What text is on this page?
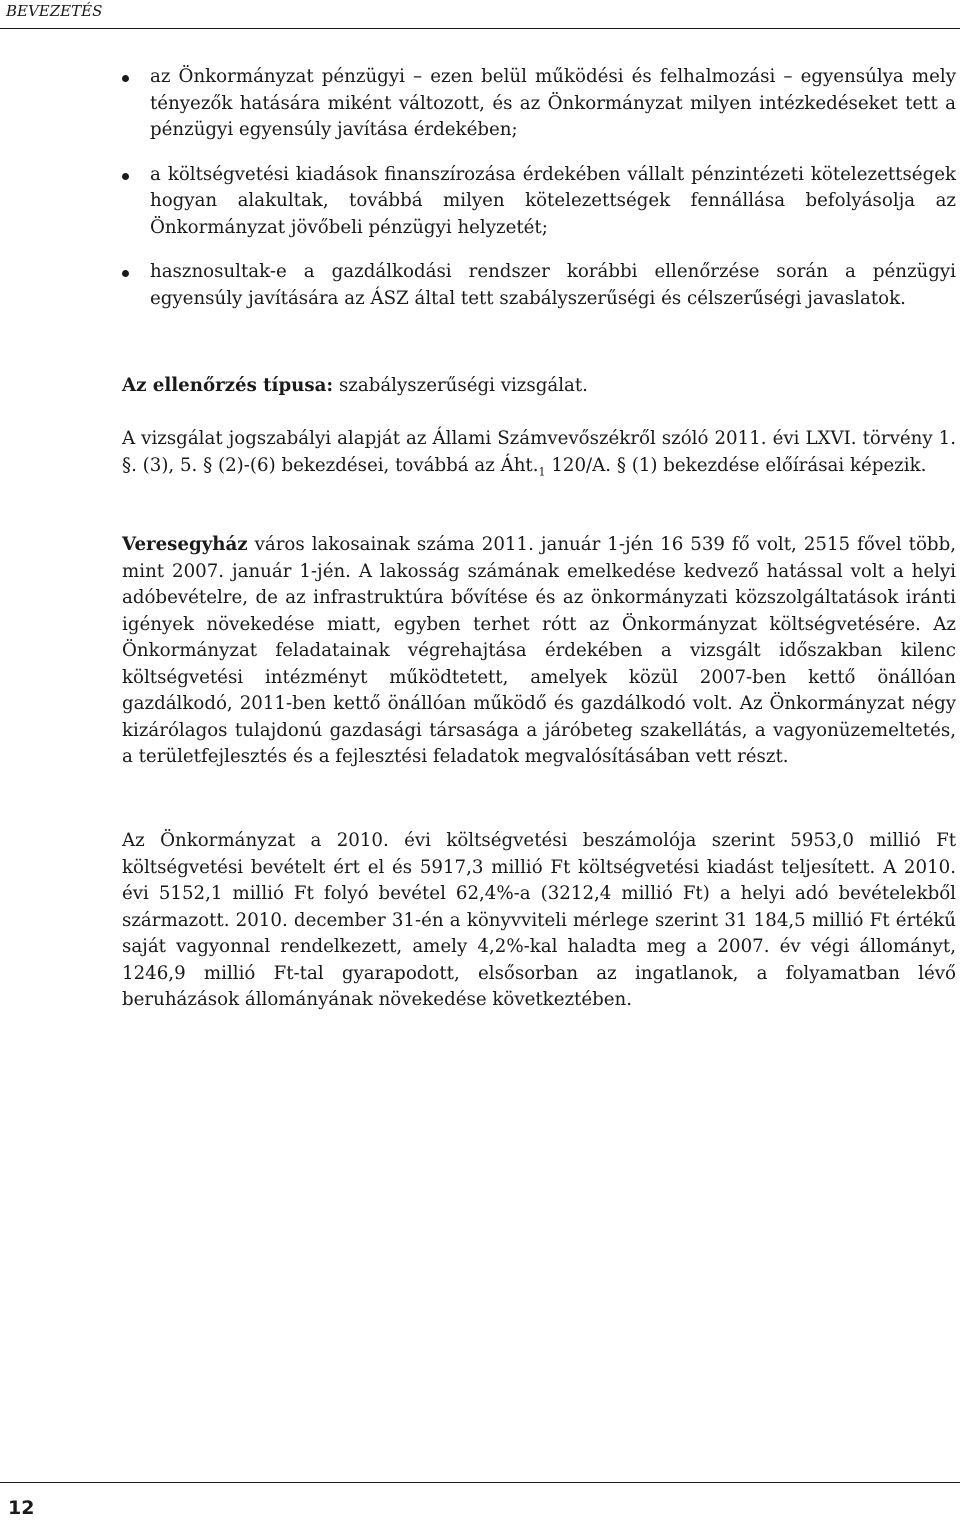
BEVEZETÉS
az Önkormányzat pénzügyi – ezen belül működési és felhalmozási – egyensúlya mely tényezők hatására miként változott, és az Önkormányzat milyen intézkedéseket tett a pénzügyi egyensúly javítása érdekében;
a költségvetési kiadások finanszírozása érdekében vállalt pénzintézeti kötelezettségek hogyan alakultak, továbbá milyen kötelezettségek fennállása befolyásolja az Önkormányzat jövőbeli pénzügyi helyzetét;
hasznosultak-e a gazdálkodási rendszer korábbi ellenőrzése során a pénzügyi egyensúly javítására az ÁSZ által tett szabályszerűségi és célszerűségi javaslatok.

Az ellenőrzés típusa: szabályszerűségi vizsgálat.

A vizsgálat jogszabályi alapját az Állami Számvevőszékről szóló 2011. évi LXVI. törvény 1. §. (3), 5. § (2)-(6) bekezdései, továbbá az $Áht._1$ 120/A. § (1) bekezdése előírásai képezik.

Veresegyház város lakosainak száma 2011. január 1-jén 16 539 fő volt, 2515 fővel több, mint 2007. január 1-jén. A lakosság számának emelkedése kedvező hatással volt a helyi adóbevételre, de az infrastruktúra bővítése és az önkormányzati közszolgáltatások iránti igények növekedése miatt, egyben terhet rótt az Önkormányzat költségvetésére. Az Önkormányzat feladatainak végrehajtása érdekében a vizsgált időszakban kilenc költségvetési intézményt működtetett, amelyek közül 2007-ben kettő önállóan gazdálkodó, 2011-ben kettő önállóan működő és gazdálkodó volt. Az Önkormányzat négy kizárólagos tulajdonú gazdasági társasága a járóbeteg szakellátás, a vagyonüzemeltetés, a területfejlesztés és a fejlesztési feladatok megvalósításában vett részt.

Az Önkormányzat a 2010. évi költségvetési beszámolója szerint 5953,0 millió Ft költségvetési bevételt ért el és 5917,3 millió Ft költségvetési kiadást teljesített. A 2010. évi 5152,1 millió Ft folyó bevétel 62,4%-a (3212,4 millió Ft) a helyi adó bevételekből származott. 2010. december 31-én a könyvviteli mérlege szerint 31 184,5 millió Ft értékű saját vagyonnal rendelkezett, amely 4,2%-kal haladta meg a 2007. év végi állományt, 1246,9 millió Ft-tal gyarapodott, elsősorban az ingatlanok, a folyamatban lévő beruházások állományának növekedése következtében.

12
